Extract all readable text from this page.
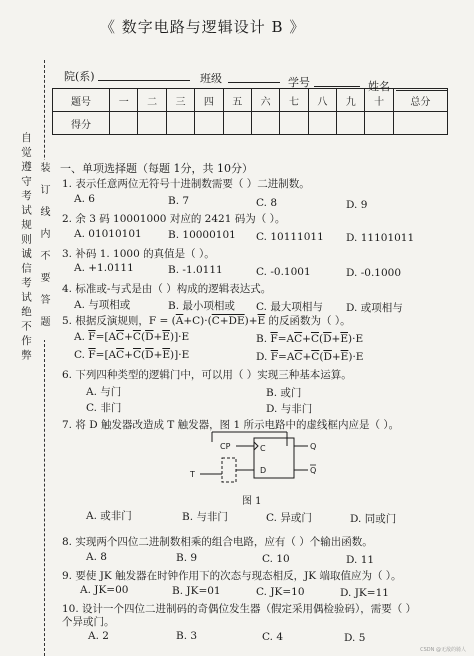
《 数字电路与逻辑设计 B 》
院(系)	班级	学号	姓名
题号	一	二	三	四	五	六	七	八	九	十	总分
得分											
自觉遵守考试规则诚信考试绝不作弊 装订线内不要答题 一、单项选择题（每题 1分，共 10分）
1. 表示任意两位无符号十进制数需要（ ）二进制数。
A. 6	B. 7	C. 8	D. 9
2. 余 3 码 10001000 对应的 2421 码为（ ）。
A. 01010101	B. 10000101 C. 10111011 D. 11101011
3. 补码 1. 1000 的真值是（ ）。
A. +1.0111	B. -1.0111	C. -0.1001	D. -0.1000
4. 标准或-与式是由（ ）构成的逻辑表达式。
A. 与项相或	B. 最小项相或 C. 最大项相与 D. 或项相与
5. 根据反演规则，$F = (\overline{A}+C)\cdot(C+DE)+\overline{E}$ 的反函数为（ ）。
A. $\overline{F}=[A\overline{C}+\overline{C}(\overline{D}+\overline{E})]\cdot E$	B. $\overline{F}=A\overline{C}+\overline{C}(\overline{D}+\overline{E})\cdot E$
C. $\overline{F}=[A\overline{C}+\overline{C}(\overline{D}+\overline{E})]\cdot E$	D. $\overline{F}=A\overline{C}+\overline{C}(\overline{D}+\overline{E})\cdot E$
6. 下列四种类型的逻辑门中，可以用（ ）实现三种基本运算。
A. 与门	B. 或门
C. 非门	D. 与非门
7. 将 D 触发器改造成 T 触发器，图 1 所示电路中的虚线框内应是（ ）。
CP
D
C	Q
Q
T
图 1
A. 或非门	B. 与非门	C. 异或门	D. 同或门
8. 实现两个四位二进制数相乘的组合电路，应有（ ）个输出函数。
A. 8	B. 9	C. 10	D. 11
9. 要使 JK 触发器在时钟作用下的次态与现态相反，JK 端取值应为（ ）。
A. JK=00	B. JK=01	C. JK=10	D. JK=11
10. 设计一个四位二进制码的奇偶位发生器（假定采用偶检验码），需要（ ）
个异或门。
A. 2	B. 3	C. 4	D. 5
CSDN @无敌的骑人
